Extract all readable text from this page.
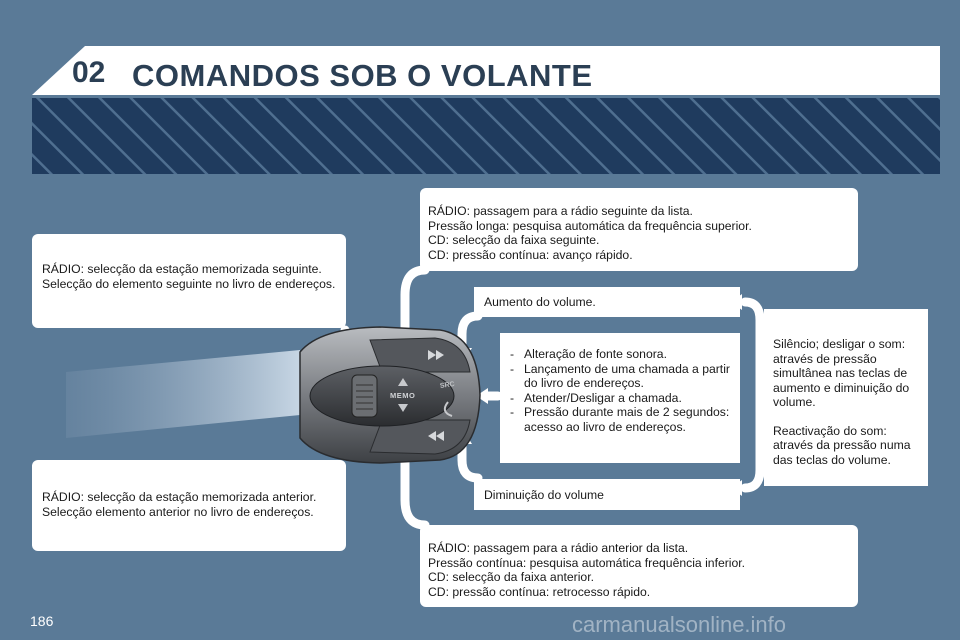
02 COMANDOS SOB O VOLANTE
MEMO
SRC

RÁDIO: selecção da estação memorizada seguinte.

Selecção do elemento seguinte no livro de endereços.

RÁDIO: passagem para a rádio seguinte da lista.

Pressão longa: pesquisa automática da frequência superior.

CD: selecção da faixa seguinte.

CD: pressão contínua: avanço rápido.

Aumento do volume.

- Alteração de fonte sonora.
- Lançamento de uma chamada a partir do livro de endereços.
- Atender/Desligar a chamada.
- Pressão durante mais de 2 segundos: acesso ao livro de endereços.

Silêncio; desligar o som: através de pressão simultânea nas teclas de aumento e diminuição do volume.

Reactivação do som: através da pressão numa das teclas do volume.

Diminuição do volume

RÁDIO: selecção da estação memorizada anterior.

Selecção elemento anterior no livro de endereços.

RÁDIO: passagem para a rádio anterior da lista.

Pressão contínua: pesquisa automática frequência inferior.

CD: selecção da faixa anterior.

CD: pressão contínua: retrocesso rápido.

186	carmanualsonline.info
